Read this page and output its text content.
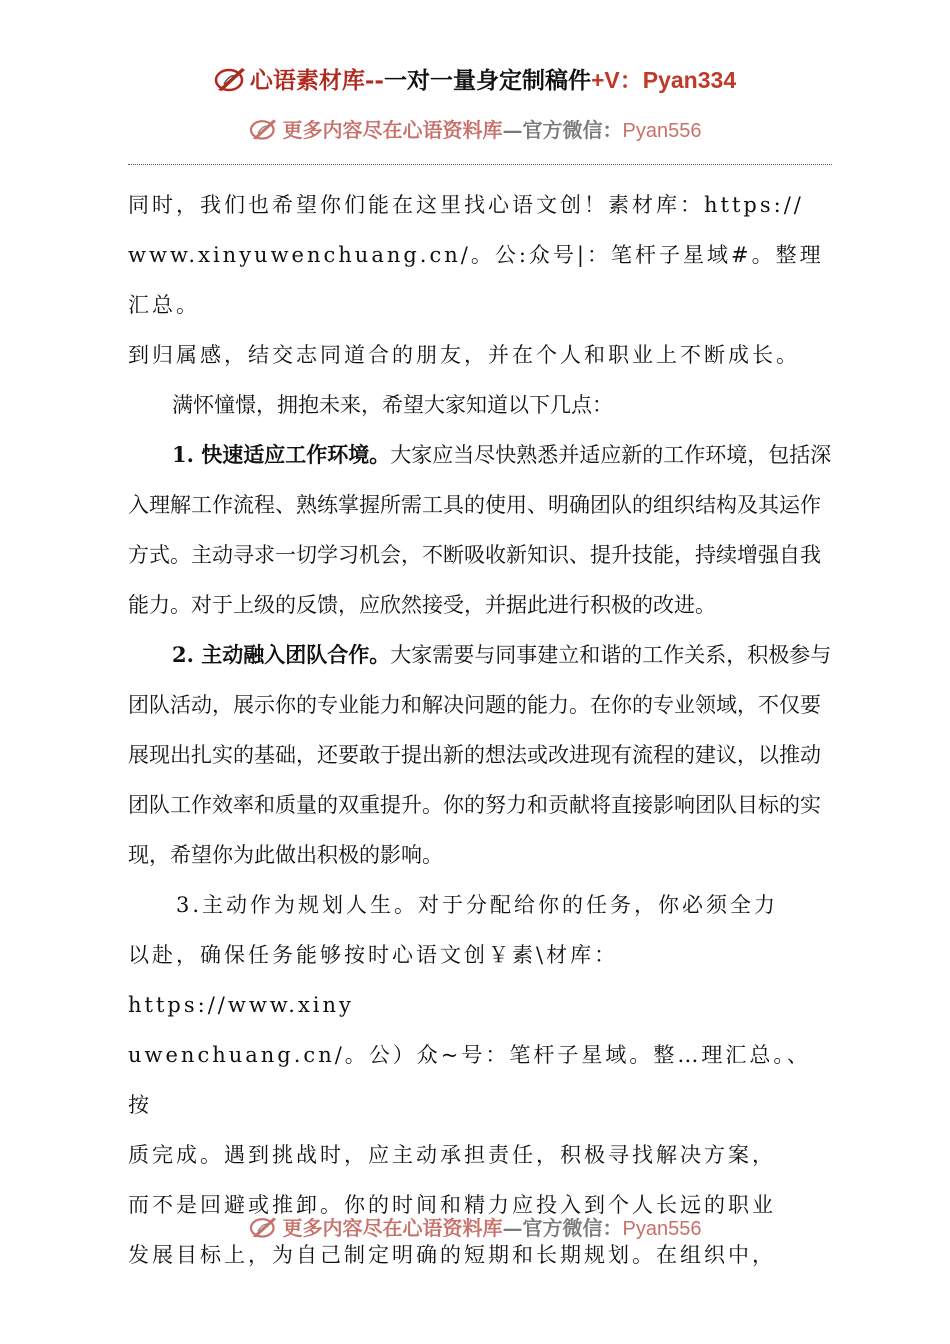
心语素材库--一对一量身定制稿件+V：Pyan334
更多内容尽在心语资料库—官方微信：Pyan556

同时，我们也希望你们能在这里找心语文创！素材库：https://
www.xinyuwenchuang.cn/。公:众号|：笔杆子星域#。整理汇总。
到归属感，结交志同道合的朋友，并在个人和职业上不断成长。

满怀憧憬，拥抱未来，希望大家知道以下几点：

1. 快速适应工作环境。大家应当尽快熟悉并适应新的工作环境，包括深入理解工作流程、熟练掌握所需工具的使用、明确团队的组织结构及其运作方式。主动寻求一切学习机会，不断吸收新知识、提升技能，持续增强自我能力。对于上级的反馈，应欣然接受，并据此进行积极的改进。

2. 主动融入团队合作。大家需要与同事建立和谐的工作关系，积极参与团队活动，展示你的专业能力和解决问题的能力。在你的专业领域，不仅要展现出扎实的基础，还要敢于提出新的想法或改进现有流程的建议，以推动团队工作效率和质量的双重提升。你的努力和贡献将直接影响团队目标的实现，希望你为此做出积极的影响。

3.主动作为规划人生。对于分配给你的任务，你必须全力
以赴，确保任务能够按时心语文创￥素\材库：https://www.xiny
uwenchuang.cn/。公）众~号：笔杆子星域。整…理汇总。、按
质完成。遇到挑战时，应主动承担责任，积极寻找解决方案，
而不是回避或推卸。你的时间和精力应投入到个人长远的职业
发展目标上，为自己制定明确的短期和长期规划。在组织中，

更多内容尽在心语资料库—官方微信：Pyan556
